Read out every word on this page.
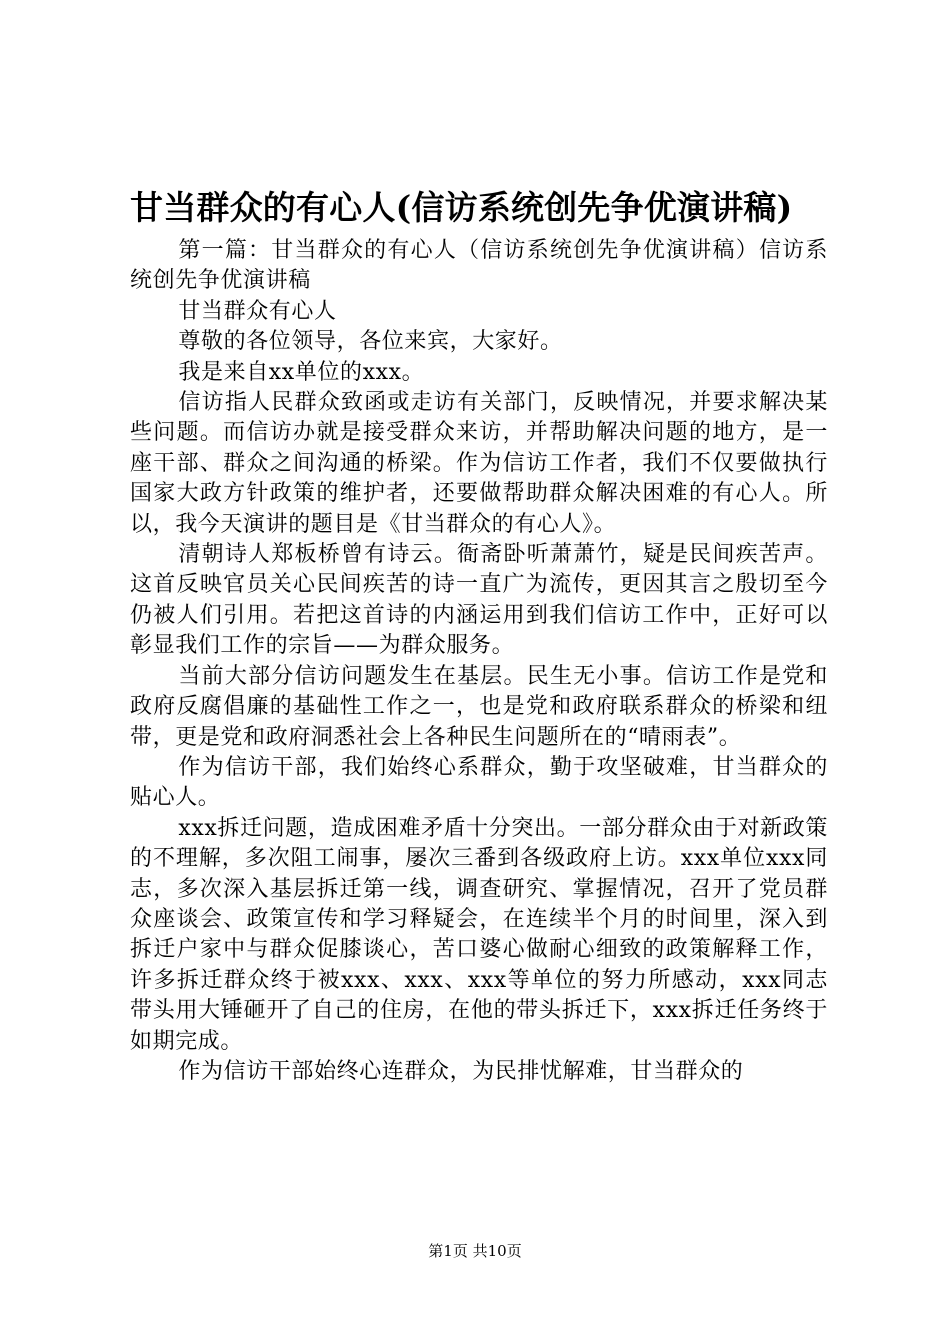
甘当群众的有心人(信访系统创先争优演讲稿)

第一篇：甘当群众的有心人（信访系统创先争优演讲稿）信访系统创先争优演讲稿

甘当群众有心人

尊敬的各位领导，各位来宾，大家好。

我是来自xx单位的xxx。

信访指人民群众致函或走访有关部门，反映情况，并要求解决某些问题。而信访办就是接受群众来访，并帮助解决问题的地方，是一座干部、群众之间沟通的桥梁。作为信访工作者，我们不仅要做执行国家大政方针政策的维护者，还要做帮助群众解决困难的有心人。所以，我今天演讲的题目是《甘当群众的有心人》。

清朝诗人郑板桥曾有诗云。衙斋卧听萧萧竹，疑是民间疾苦声。这首反映官员关心民间疾苦的诗一直广为流传，更因其言之殷切至今仍被人们引用。若把这首诗的内涵运用到我们信访工作中，正好可以彰显我们工作的宗旨——为群众服务。

当前大部分信访问题发生在基层。民生无小事。信访工作是党和政府反腐倡廉的基础性工作之一，也是党和政府联系群众的桥梁和纽带，更是党和政府洞悉社会上各种民生问题所在的“晴雨表”。

作为信访干部，我们始终心系群众，勤于攻坚破难，甘当群众的贴心人。

xxx拆迁问题，造成困难矛盾十分突出。一部分群众由于对新政策的不理解，多次阻工闹事，屡次三番到各级政府上访。xxx单位xxx同志，多次深入基层拆迁第一线，调查研究、掌握情况，召开了党员群众座谈会、政策宣传和学习释疑会，在连续半个月的时间里，深入到拆迁户家中与群众促膝谈心，苦口婆心做耐心细致的政策解释工作，许多拆迁群众终于被xxx、xxx、xxx等单位的努力所感动，xxx同志带头用大锤砸开了自己的住房，在他的带头拆迁下，xxx拆迁任务终于如期完成。

作为信访干部始终心连群众，为民排忧解难，甘当群众的

第1页 共10页
